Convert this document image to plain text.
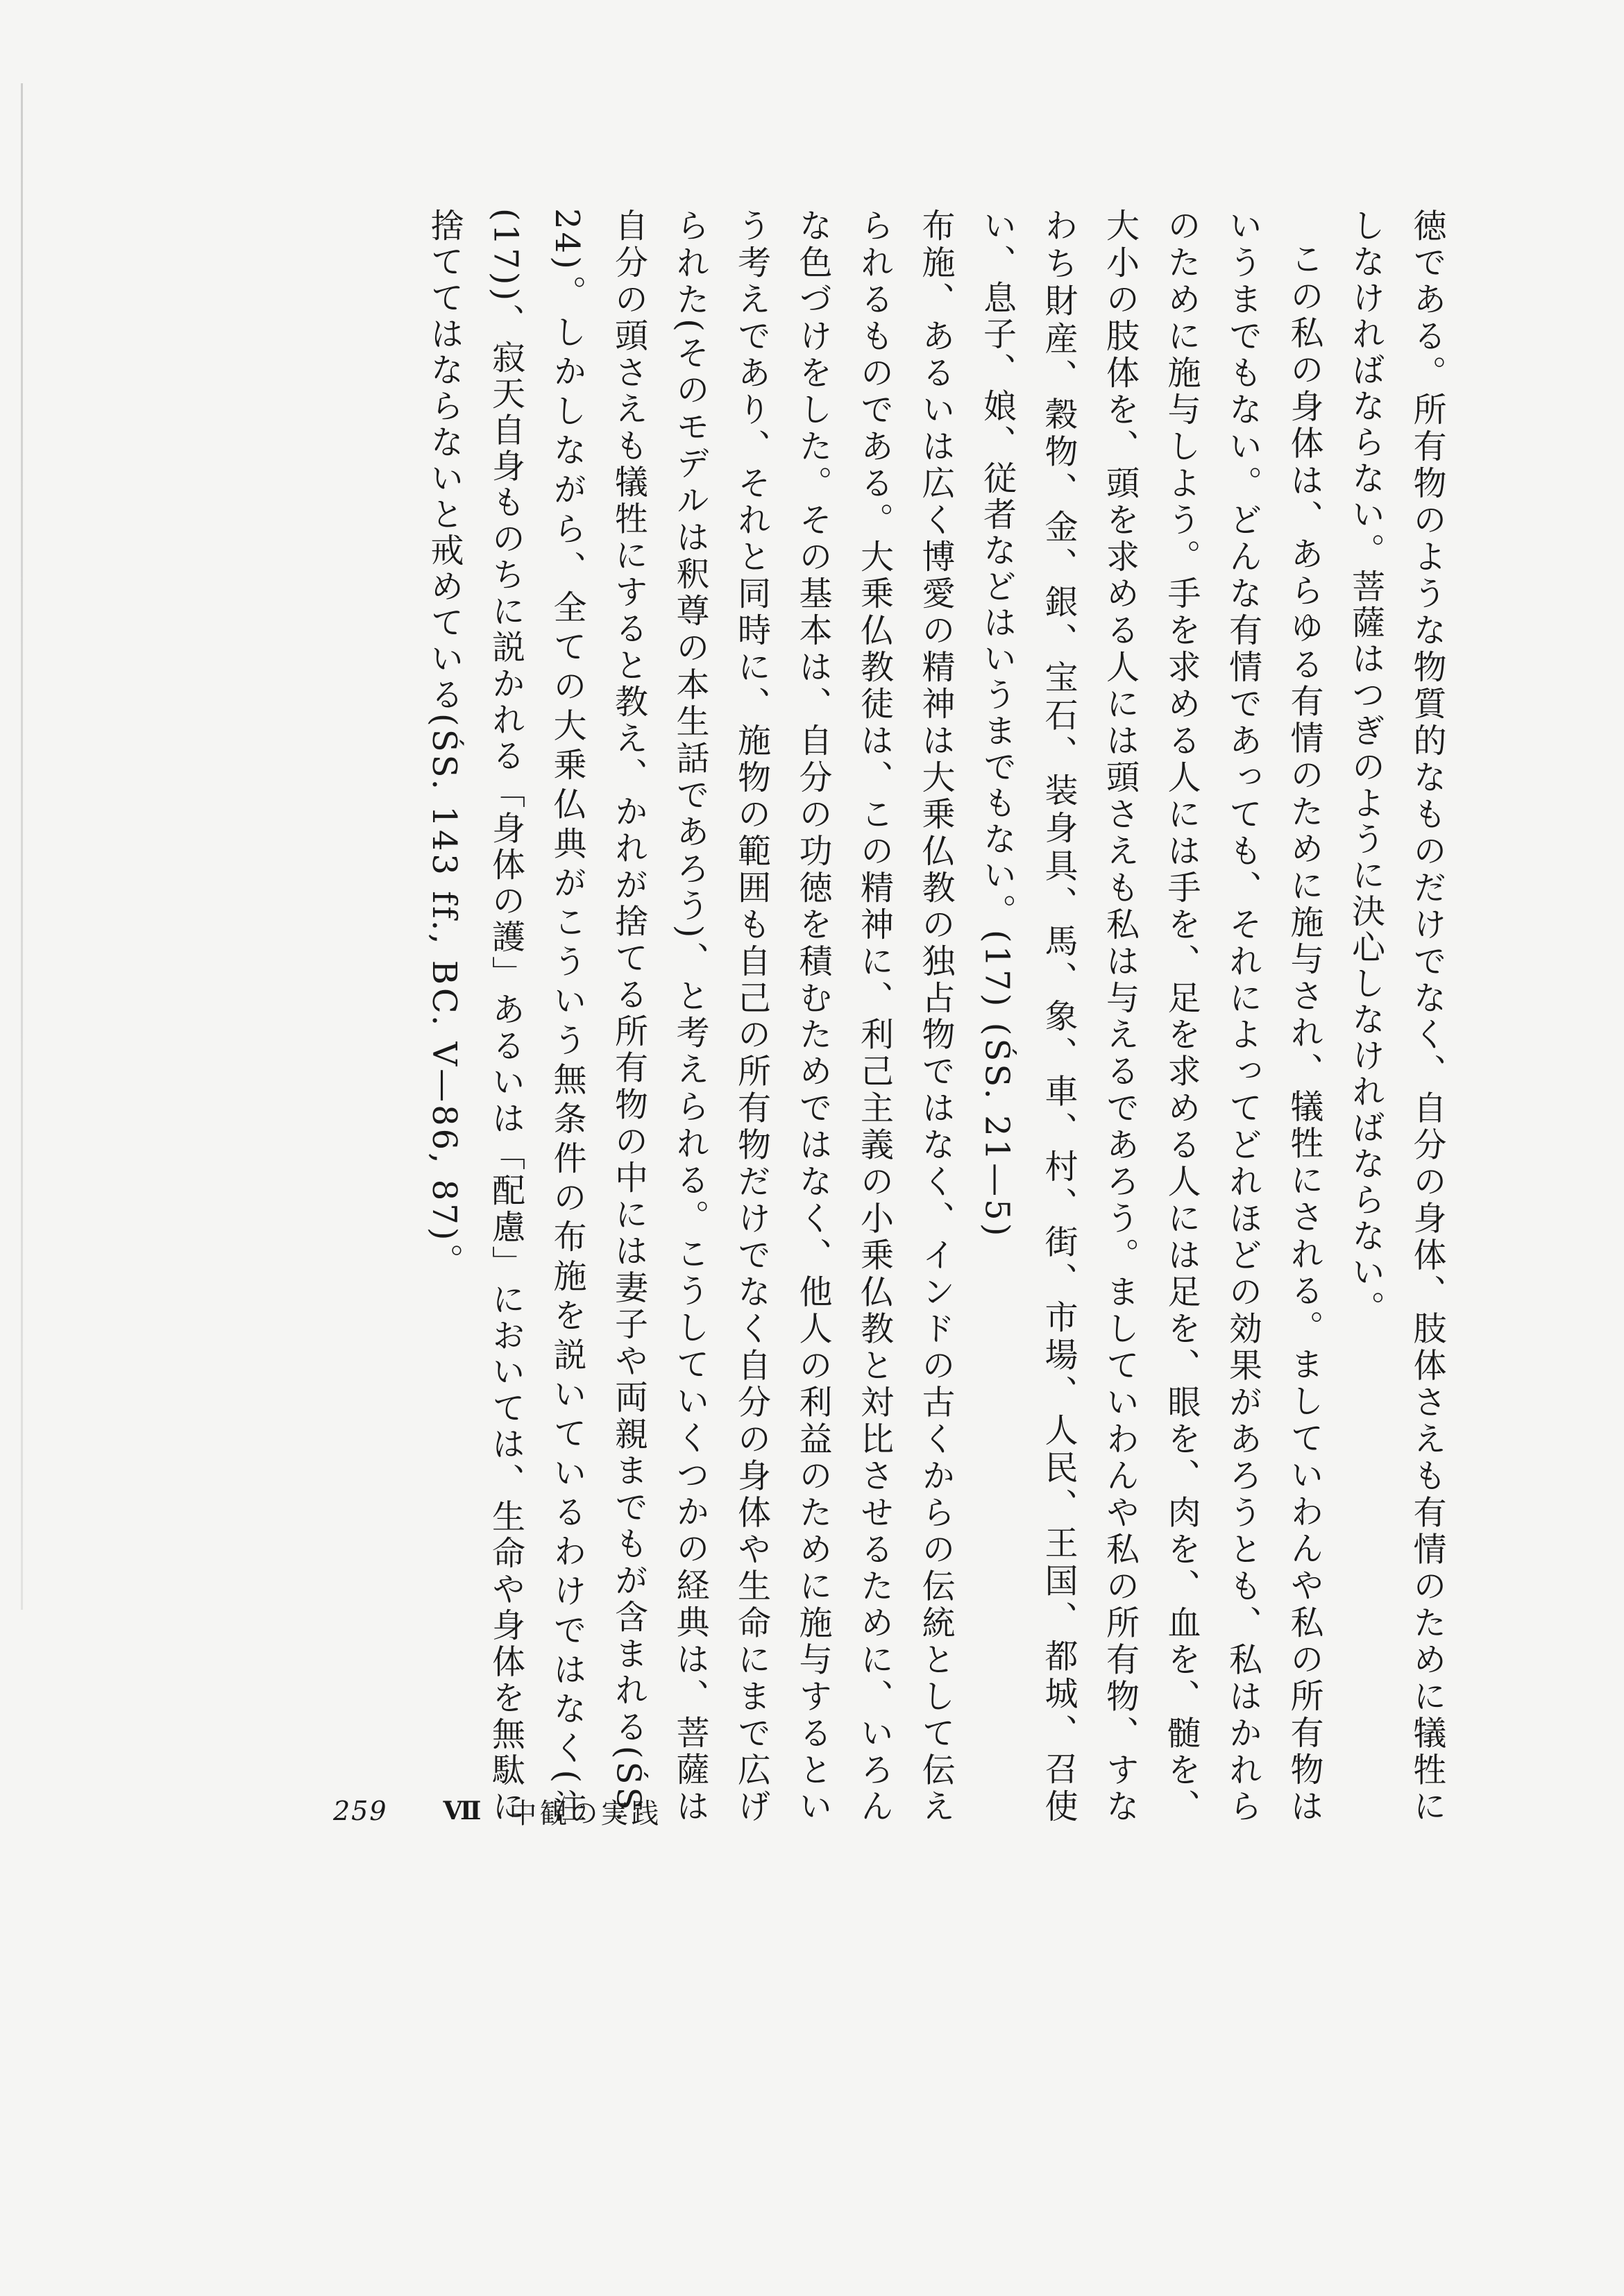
徳である。所有物のような物質的なものだけでなく、自分の身体、肢体さえも有情のために犠牲にしなければならない。菩薩はつぎのように決心しなければならない。

この私の身体は、あらゆる有情のために施与され、犠牲にされる。ましていわんや私の所有物はいうまでもない。どんな有情であっても、それによってどれほどの効果があろうとも、私はかれらのために施与しよう。手を求める人には手を、足を求める人には足を、眼を、肉を、血を、髄を、大小の肢体を、頭を求める人には頭さえも私は与えるであろう。ましていわんや私の所有物、すなわち財産、穀物、金、銀、宝石、装身具、馬、象、車、村、街、市場、人民、王国、都城、召使い、息子、娘、従者などはいうまでもない。(17) (ŚS. 21—5)

布施、あるいは広く博愛の精神は大乗仏教の独占物ではなく、インドの古くからの伝統として伝えられるものである。大乗仏教徒は、この精神に、利己主義の小乗仏教と対比させるために、いろんな色づけをした。その基本は、自分の功徳を積むためではなく、他人の利益のために施与するという考えであり、それと同時に、施物の範囲も自己の所有物だけでなく自分の身体や生命にまで広げられた(そのモデルは釈尊の本生話であろう)、と考えられる。こうしていくつかの経典は、菩薩は自分の頭さえも犠牲にすると教え、かれが捨てる所有物の中には妻子や両親までもが含まれる(ŚS. 24)。しかしながら、全ての大乗仏典がこういう無条件の布施を説いているわけではなく(注(17))、寂天自身ものちに説かれる「身体の護」あるいは「配慮」においては、生命や身体を無駄に捨ててはならないと戒めている(ŚS. 143 ff., BC. V—86, 87)。

259 Ⅶ 中観の実践
